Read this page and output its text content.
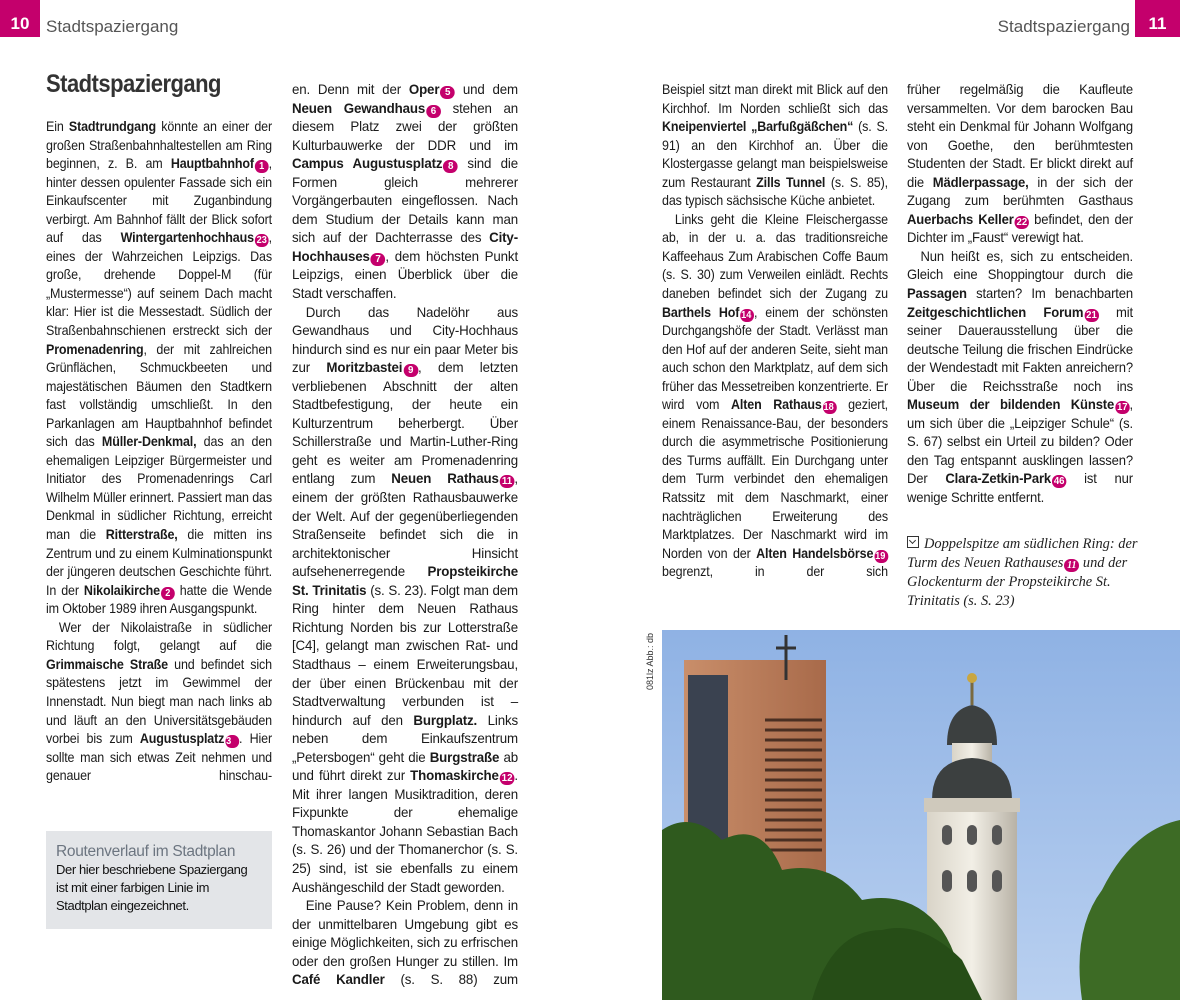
10 Stadtspaziergang	Stadtspaziergang	11
Stadtspaziergang

Ein Stadtrundgang könnte an einer der großen Straßenbahnhaltestellen am Ring beginnen, z. B. am Hauptbahnhof 1 , hinter dessen opulenter Fassade sich ein Einkaufscenter mit Zuganbindung verbirgt. Am Bahnhof fällt der Blick sofort auf das Wintergartenhochhaus 23 , eines der Wahrzeichen Leipzigs. Das große, drehende Doppel-M (für „Mustermesse“) auf seinem Dach macht klar: Hier ist die Messestadt. Südlich der Straßenbahnschienen erstreckt sich der Promenadenring, der mit zahlreichen Grünflächen, Schmuckbeeten und majestätischen Bäumen den Stadtkern fast vollständig umschließt. In den Parkanlagen am Hauptbahnhof befindet sich das Müller-Denkmal, das an den ehemaligen Leipziger Bürgermeister und Initiator des Promenadenrings Carl Wilhelm Müller erinnert. Passiert man das Denkmal in südlicher Richtung, erreicht man die Ritterstraße, die mitten ins Zentrum und zu einem Kulminationspunkt der jüngeren deutschen Geschichte führt. In der Nikolaikirche 2 hatte die Wende im Oktober 1989 ihren Ausgangspunkt.

Wer der Nikolaistraße in südlicher Richtung folgt, gelangt auf die Grimmaische Straße und befindet sich spätestens jetzt im Gewimmel der Innenstadt. Nun biegt man nach links ab und läuft an den Universitätsgebäuden vorbei bis zum Augustusplatz 3 . Hier sollte man sich etwas Zeit nehmen und genauer hinschau-

en. Denn mit der Oper 5 und dem Neuen Gewandhaus 6 stehen an diesem Platz zwei der größten Kulturbauwerke der DDR und im Campus Augustusplatz 8 sind die Formen gleich mehrerer Vorgängerbauten eingeflossen. Nach dem Studium der Details kann man sich auf der Dachterrasse des City-Hochhauses 7 , dem höchsten Punkt Leipzigs, einen Überblick über die Stadt verschaffen.

Durch das Nadelöhr aus Gewandhaus und City-Hochhaus hindurch sind es nur ein paar Meter bis zur Moritzbastei 9 , dem letzten verbliebenen Abschnitt der alten Stadtbefestigung, der heute ein Kulturzentrum beherbergt. Über Schillerstraße und Martin-Luther-Ring geht es weiter am Promenadenring entlang zum Neuen Rathaus 11 , einem der größten Rathausbauwerke der Welt. Auf der gegenüberliegenden Straßenseite befindet sich die in architektonischer Hinsicht aufsehenerregende Propsteikirche St. Trinitatis (s. S. 23). Folgt man dem Ring hinter dem Neuen Rathaus Richtung Norden bis zur Lotterstraße [C4], gelangt man zwischen Rat- und Stadthaus – einem Erweiterungsbau, der über einen Brückenbau mit der Stadtverwaltung verbunden ist – hindurch auf den Burgplatz. Links neben dem Einkaufszentrum „Petersbogen“ geht die Burgstraße ab und führt direkt zur Thomaskirche 12 . Mit ihrer langen Musiktradition, deren Fixpunkte der ehemalige Thomaskantor Johann Sebastian Bach (s. S. 26) und der Thomanerchor (s. S. 25) sind, ist sie ebenfalls zu einem Aushängeschild der Stadt geworden.

Eine Pause? Kein Problem, denn in der unmittelbaren Umgebung gibt es einige Möglichkeiten, sich zu erfrischen oder den großen Hunger zu stillen. Im Café Kandler (s. S. 88) zum

Beispiel sitzt man direkt mit Blick auf den Kirchhof. Im Norden schließt sich das Kneipenviertel „Barfußgäßchen“ (s. S. 91) an den Kirchhof an. Über die Klostergasse gelangt man beispielsweise zum Restaurant Zills Tunnel (s. S. 85), das typisch sächsische Küche anbietet.

Links geht die Kleine Fleischergasse ab, in der u. a. das traditionsreiche Kaffeehaus Zum Arabischen Coffe Baum (s. S. 30) zum Verweilen einlädt. Rechts daneben befindet sich der Zugang zu Barthels Hof 14 , einem der schönsten Durchgangshöfe der Stadt. Verlässt man den Hof auf der anderen Seite, sieht man auch schon den Marktplatz, auf dem sich früher das Messetreiben konzentrierte. Er wird vom Alten Rathaus 18 geziert, einem Renaissance-Bau, der besonders durch die asymmetrische Positionierung des Turms auffällt. Ein Durchgang unter dem Turm verbindet den ehemaligen Ratssitz mit dem Naschmarkt, einer nachträglichen Erweiterung des Marktplatzes. Der Naschmarkt wird im Norden von der Alten Handelsbörse 19 begrenzt, in der sich

früher regelmäßig die Kaufleute versammelten. Vor dem barocken Bau steht ein Denkmal für Johann Wolfgang von Goethe, den berühmtesten Studenten der Stadt. Er blickt direkt auf die Mädlerpassage, in der sich der Zugang zum berühmten Gasthaus Auerbachs Keller 22 befindet, den der Dichter im „Faust“ verewigt hat.

Nun heißt es, sich zu entscheiden. Gleich eine Shoppingtour durch die Passagen starten? Im benachbarten Zeitgeschichtlichen Forum 21 mit seiner Dauerausstellung über die deutsche Teilung die frischen Eindrücke der Wendestadt mit Fakten anreichern? Über die Reichsstraße noch ins Museum der bildenden Künste 17 , um sich über die „Leipziger Schule“ (s. S. 67) selbst ein Urteil zu bilden? Oder den Tag entspannt ausklingen lassen? Der Clara-Zetkin-Park 46 ist nur wenige Schritte entfernt.

Routenverlauf im Stadtplan
Der hier beschriebene Spaziergang ist mit einer farbigen Linie im Stadtplan eingezeichnet.
Doppelspitze am südlichen Ring: der Turm des Neuen Rathauses 11 und der Glockenturm der Propsteikirche St. Trinitatis (s. S. 23)
081lz Abb.: db
